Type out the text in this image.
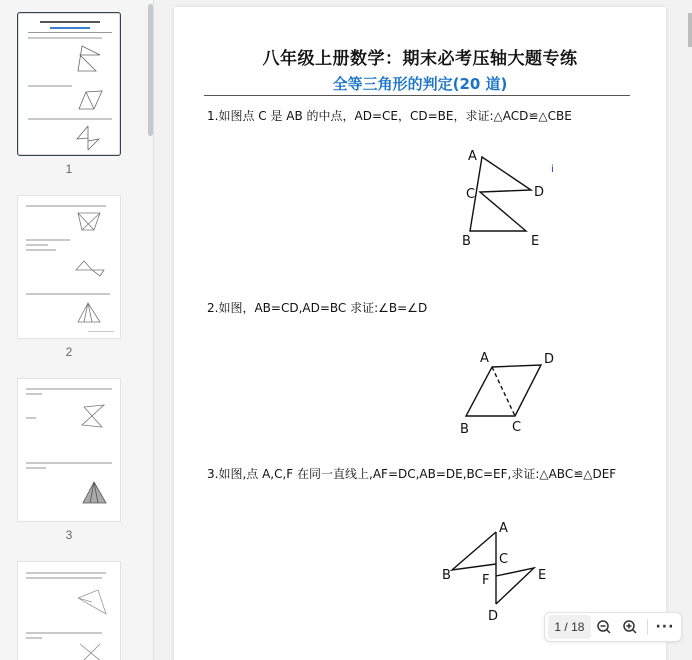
1
2
3
八年级上册数学：期末必考压轴大题专练
全等三角形的判定(20 道)
1.如图点 C 是 AB 的中点，AD=CE，CD=BE，求证:△ACD≌△CBE
A
C	D
B	E
i
2.如图，AB=CD,AD=BC 求证:∠B=∠D
A	D
B	C
3.如图,点 A,C,F 在同一直线上,AF=DC,AB=DE,BC=EF,求证:△ABC≌△DEF
A
C
B F	E
D
1 / 18	···
